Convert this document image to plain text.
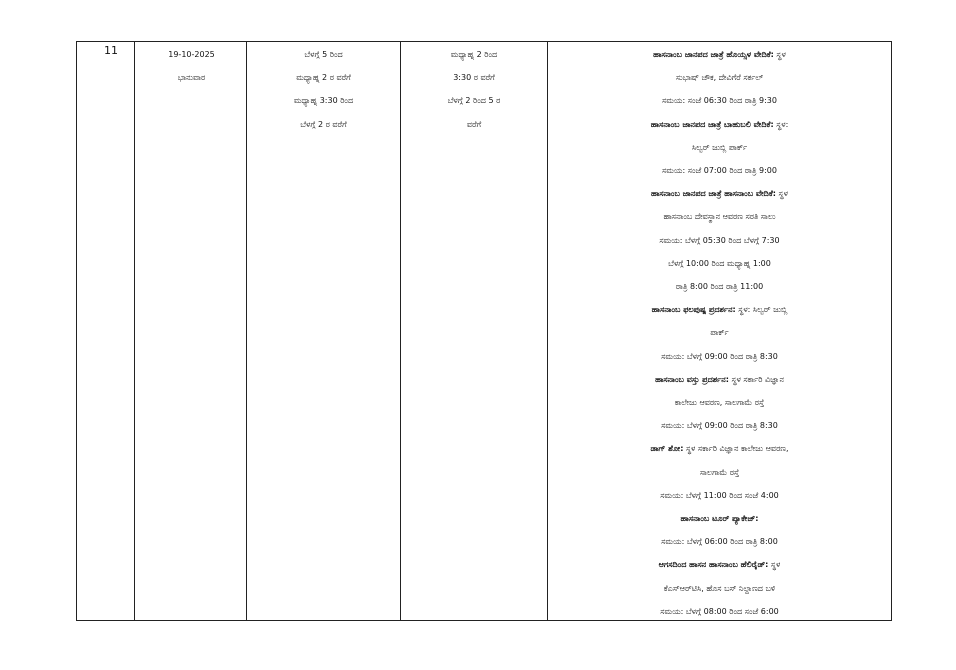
11	19-10-2025
ಭಾನುವಾರ
ಬೆಳಗ್ಗೆ 5 ರಿಂದ
ಮಧ್ಯಾಹ್ನ 2 ರ ವರೆಗೆ
ಮಧ್ಯಾಹ್ನ 3:30 ರಿಂದ
ಬೆಳಗ್ಗೆ 2 ರ ವರೆಗೆ
ಮಧ್ಯಾಹ್ನ 2 ರಿಂದ
3:30 ರ ವರೆಗೆ
ಬೆಳಗ್ಗೆ 2 ರಿಂದ 5 ರ
ವರೆಗೆ
ಹಾಸನಾಂಬ ಜಾನಪದ ಜಾತ್ರೆ ಹೊಯ್ಸಳ ವೇದಿಕೆ: ಸ್ಥಳ
ಸುಭಾಷ್ ಚೌಕ, ದೇವಿಗೆರೆ ಸರ್ಕಲ್
ಸಮಯ: ಸಂಜೆ 06:30 ರಿಂದ ರಾತ್ರಿ 9:30
ಹಾಸನಾಂಬ ಜಾನಪದ ಜಾತ್ರೆ ಬಾಹುಬಲಿ ವೇದಿಕೆ: ಸ್ಥಳ:
ಸಿಲ್ವರ್ ಜುಬ್ಲಿ ಪಾರ್ಕ್
ಸಮಯ: ಸಂಜೆ 07:00 ರಿಂದ ರಾತ್ರಿ 9:00
ಹಾಸನಾಂಬ ಜಾನಪದ ಜಾತ್ರೆ ಹಾಸನಾಂಬ ವೇದಿಕೆ: ಸ್ಥಳ
ಹಾಸನಾಂಬ ದೇವಸ್ಥಾನ ಆವರಣ ಸರತಿ ಸಾಲು
ಸಮಯ: ಬೆಳಗ್ಗೆ 05:30 ರಿಂದ ಬೆಳಗ್ಗೆ 7:30
ಬೆಳಗ್ಗೆ 10:00 ರಿಂದ ಮಧ್ಯಾಹ್ನ 1:00
ರಾತ್ರಿ 8:00 ರಿಂದ ರಾತ್ರಿ 11:00
ಹಾಸನಾಂಬ ಫಲಪುಷ್ಪ ಪ್ರದರ್ಶನ: ಸ್ಥಳ: ಸಿಲ್ವರ್ ಜುಬ್ಲಿ
ಪಾರ್ಕ್
ಸಮಯ: ಬೆಳಗ್ಗೆ 09:00 ರಿಂದ ರಾತ್ರಿ 8:30
ಹಾಸನಾಂಬ ವಸ್ತು ಪ್ರದರ್ಶನ: ಸ್ಥಳ ಸರ್ಕಾರಿ ವಿಜ್ಞಾನ
ಕಾಲೇಜು ಆವರಣ, ಸಾಲಗಾಮೆ ರಸ್ತೆ
ಸಮಯ: ಬೆಳಗ್ಗೆ 09:00 ರಿಂದ ರಾತ್ರಿ 8:30
ಡಾಗ್ ಶೋ: ಸ್ಥಳ ಸರ್ಕಾರಿ ವಿಜ್ಞಾನ ಕಾಲೇಜು ಆವರಣ,
ಸಾಲಗಾಮೆ ರಸ್ತೆ
ಸಮಯ: ಬೆಳಗ್ಗೆ 11:00 ರಿಂದ ಸಂಜೆ 4:00
ಹಾಸನಾಂಬ ಟೂರ್ ಪ್ಯಾಕೇಜ್:
ಸಮಯ: ಬೆಳಗ್ಗೆ 06:00 ರಿಂದ ರಾತ್ರಿ 8:00
ಆಗಸದಿಂದ ಹಾಸನ ಹಾಸನಾಂಬ ಹೆಲಿರೈಡ್: ಸ್ಥಳ
ಕೆಎಸ್ಆರ್‌ಟಿಸಿ, ಹೊಸ ಬಸ್ ನಿಲ್ದಾಣದ ಬಳಿ
ಸಮಯ: ಬೆಳಗ್ಗೆ 08:00 ರಿಂದ ಸಂಜೆ 6:00
